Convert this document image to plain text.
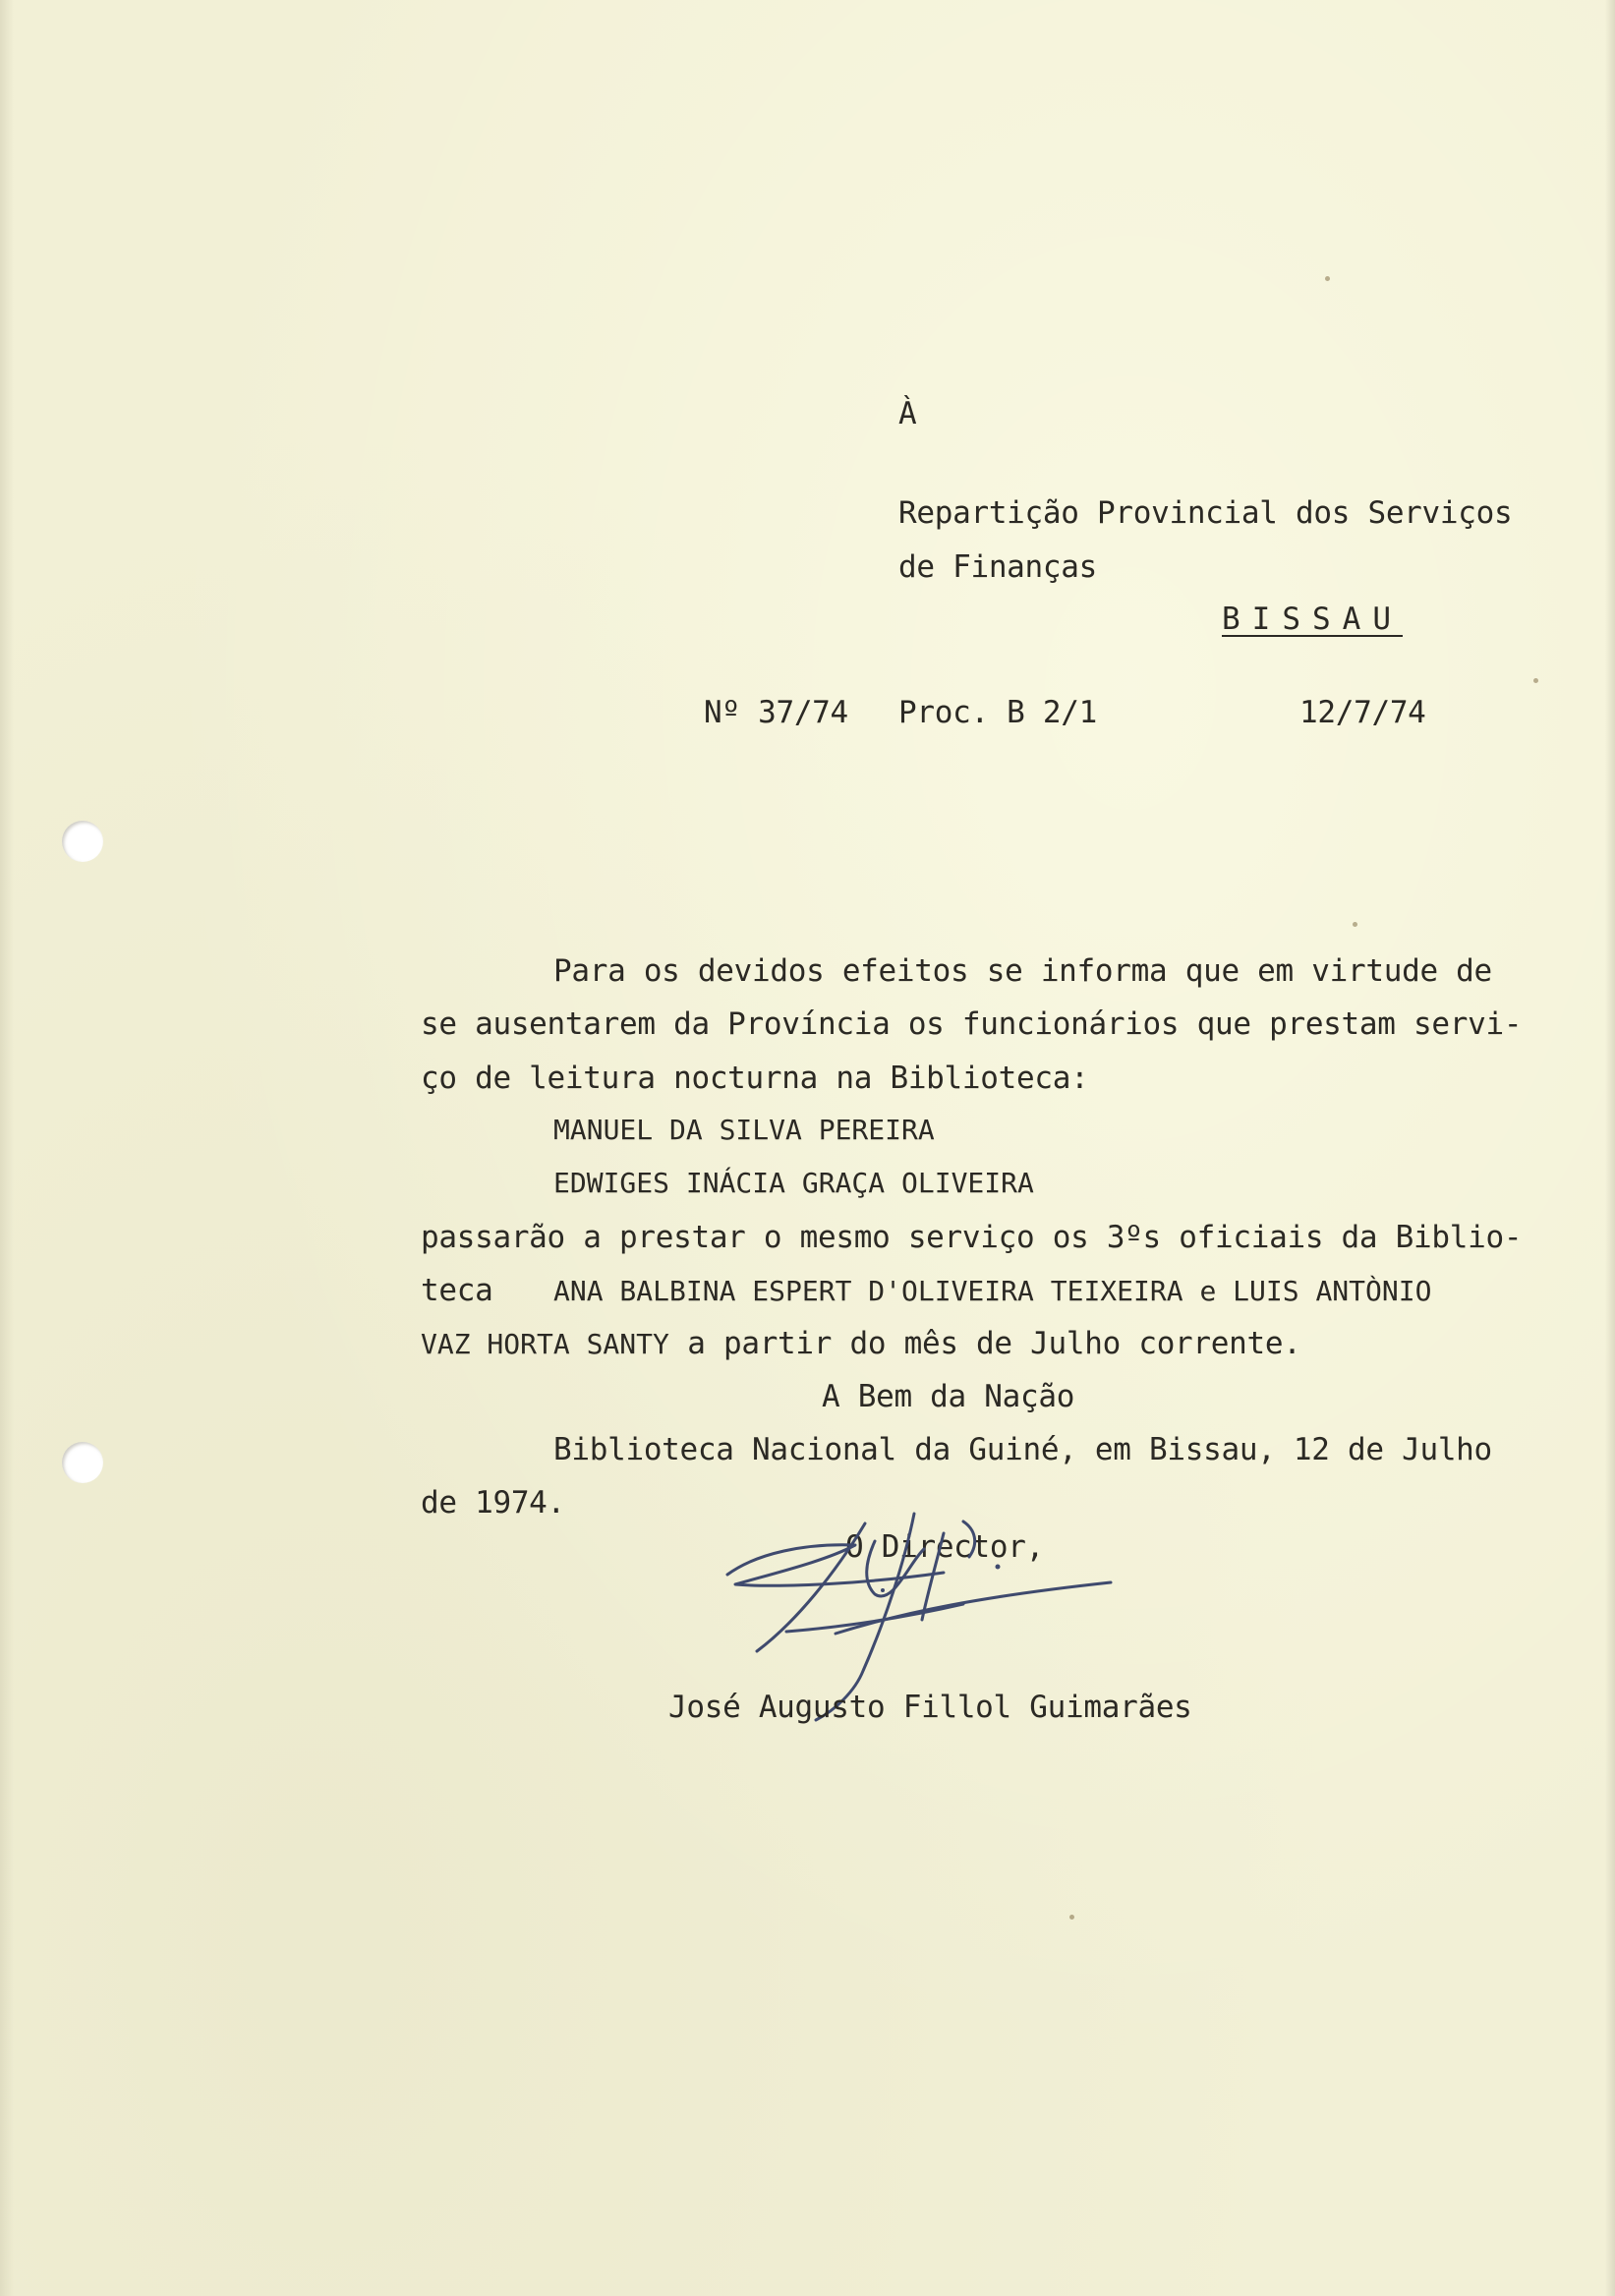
À
Repartição Provincial dos Serviços
de Finanças
BISSAU
Nº 37/74 Proc. B 2/1	12/7/74
Para os devidos efeitos se informa que em virtude de
se ausentarem da Província os funcionários que prestam servi-
ço de leitura nocturna na Biblioteca:
MANUEL DA SILVA PEREIRA
EDWIGES INÁCIA GRAÇA OLIVEIRA
passarão a prestar o mesmo serviço os 3ºs oficiais da Biblio-
teca ANA BALBINA ESPERT D'OLIVEIRA TEIXEIRA e LUIS ANTÒNIO
VAZ HORTA SANTY a partir do mês de Julho corrente.
A Bem da Nação
Biblioteca Nacional da Guiné, em Bissau, 12 de Julho
de 1974.
O Director,
José Augusto Fillol Guimarães
